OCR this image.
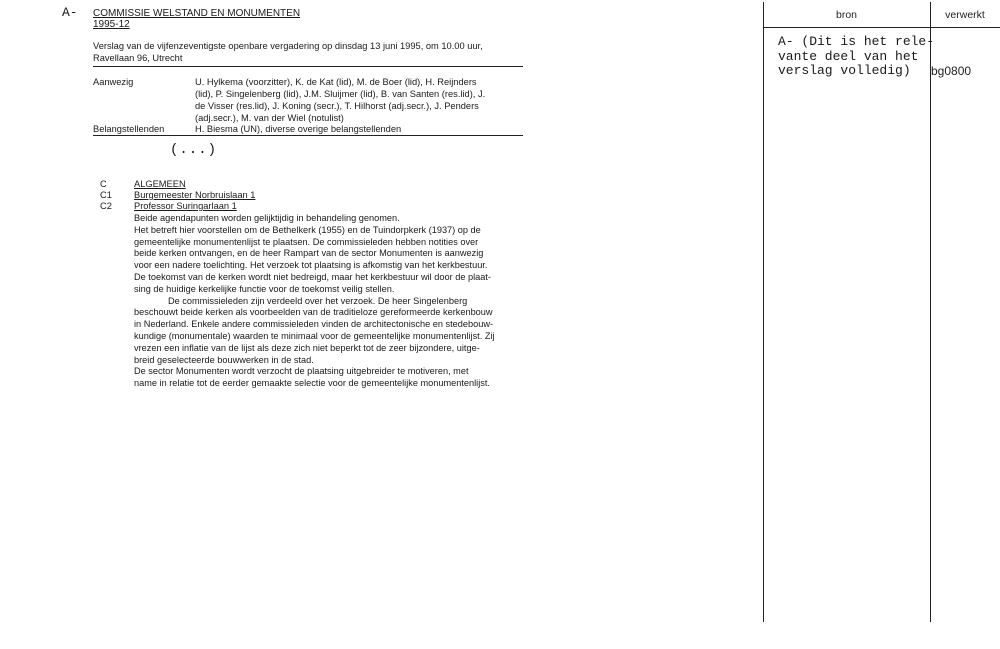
A- COMMISSIE WELSTAND EN MONUMENTEN
1995-12
Verslag van de vijfenzeventigste openbare vergadering op dinsdag 13 juni 1995, om 10.00 uur,
Ravellaan 96, Utrecht
Aanwezig	U. Hylkema (voorzitter), K. de Kat (lid), M. de Boer (lid), H. Reijnders
(lid), P. Singelenberg (lid), J.M. Sluijmer (lid), B. van Santen (res.lid), J.
de Visser (res.lid), J. Koning (secr.), T. Hilhorst (adj.secr.), J. Penders
(adj.secr.), M. van der Wiel (notulist)
Belangstellenden	H. Biesma (UN), diverse overige belangstellenden
(...)
C	ALGEMEEN
C1 Burgemeester Norbruislaan 1
C2 Professor Suringarlaan 1
Beide agendapunten worden gelijktijdig in behandeling genomen.
Het betreft hier voorstellen om de Bethelkerk (1955) en de Tuindorpkerk (1937) op de
gemeentelijke monumentenlijst te plaatsen. De commissieleden hebben notities over
beide kerken ontvangen, en de heer Rampart van de sector Monumenten is aanwezig
voor een nadere toelichting. Het verzoek tot plaatsing is afkomstig van het kerkbestuur.
De toekomst van de kerken wordt niet bedreigd, maar het kerkbestuur wil door de plaat-
sing de huidige kerkelijke functie voor de toekomst veilig stellen.
De commissieleden zijn verdeeld over het verzoek. De heer Singelenberg
beschouwt beide kerken als voorbeelden van de traditieloze gereformeerde kerkenbouw
in Nederland. Enkele andere commissieleden vinden de architectonische en stedebouw-
kundige (monumentale) waarden te minimaal voor de gemeentelijke monumentenlijst. Zij
vrezen een inflatie van de lijst als deze zich niet beperkt tot de zeer bijzondere, uitge-
breid geselecteerde bouwwerken in de stad.
De sector Monumenten wordt verzocht de plaatsing uitgebreider te motiveren, met
name in relatie tot de eerder gemaakte selectie voor de gemeentelijke monumentenlijst.
bron	verwerkt
A- (Dit is het rele-
vante deel van het
verslag volledig)	bg0800
